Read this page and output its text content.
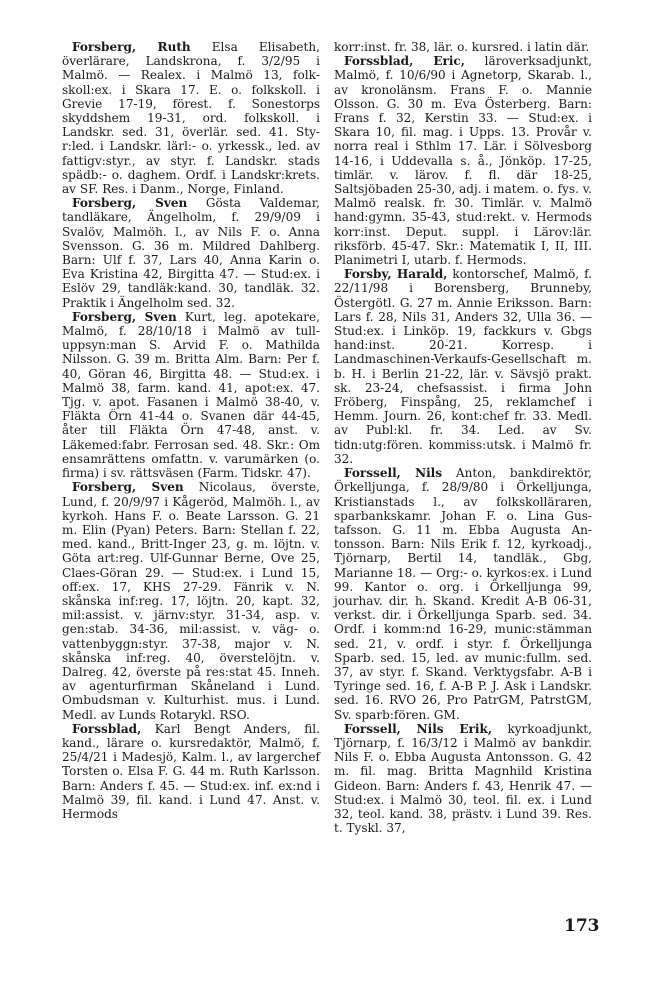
Forsberg, Ruth Elsa Elisabeth, överlärare, Landskrona, f. 3/2/95 i Malmö. — Realex. i Malmö 13, folkskoll:ex. i Skara 17. E. o. folkskoll. i Grevie 17-19, förest. f. Sonestorps skyddshem 19-31, ord. folkskoll. i Landskr. sed. 31, överlär. sed. 41. Styr:led. i Landskr. lärl:- o. yrkessk., led. av fattigv:styr., av styr. f. Landskr. stads spädb:- o. daghem. Ordf. i Landskr:krets. av SF. Res. i Danm., Norge, Finland.

Forsberg, Sven Gösta Valdemar, tandläkare, Ängelholm, f. 29/9/09 i Svalöv, Malmöh. l., av Nils F. o. Anna Svensson. G. 36 m. Mildred Dahlberg. Barn: Ulf f. 37, Lars 40, Anna Karin o. Eva Kristina 42, Birgitta 47. — Stud:ex. i Eslöv 29, tandläk:kand. 30, tandläk. 32. Praktik i Ängelholm sed. 32.

Forsberg, Sven Kurt, leg. apotekare, Malmö, f. 28/10/18 i Malmö av tulluppsyn:man S. Arvid F. o. Mathilda Nilsson. G. 39 m. Britta Alm. Barn: Per f. 40, Göran 46, Birgitta 48. — Stud:ex. i Malmö 38, farm. kand. 41, apot:ex. 47. Tjg. v. apot. Fasanen i Malmö 38-40, v. Fläkta Örn 41-44 o. Svanen där 44-45, åter till Fläkta Örn 47-48, anst. v. Läkemed:fabr. Ferrosan sed. 48. Skr.: Om ensamrättens omfattn. v. varumärken (o. firma) i sv. rättsväsen (Farm. Tidskr. 47).

Forsberg, Sven Nicolaus, överste, Lund, f. 20/9/97 i Kågeröd, Malmöh. l., av kyrkoh. Hans F. o. Beate Larsson. G. 21 m. Elin (Pyan) Peters. Barn: Stellan f. 22, med. kand., Britt-Inger 23, g. m. löjtn. v. Göta art:reg. Ulf-Gunnar Berne, Ove 25, Claes-Göran 29. — Stud:ex. i Lund 15, off:ex. 17, KHS 27-29. Fänrik v. N. skånska inf:reg. 17, löjtn. 20, kapt. 32, mil:assist. v. järnv:styr. 31-34, asp. v. gen:stab. 34-36, mil:assist. v. väg- o. vattenbyggn:styr. 37-38, major v. N. skånska inf:reg. 40, överstelöjtn. v. Dalreg. 42, överste på res:stat 45. Inneh. av agenturfirman Skåneland i Lund. Ombudsman v. Kulturhist. mus. i Lund. Medl. av Lunds Rotarykl. RSO.

Forssblad, Karl Bengt Anders, fil. kand., lärare o. kursredaktör, Malmö, f. 25/4/21 i Madesjö, Kalm. l., av largerchef Torsten o. Elsa F. G. 44 m. Ruth Karlsson. Barn: Anders f. 45. — Stud:ex. inf. ex:nd i Malmö 39, fil. kand. i Lund 47. Anst. v. Hermods

korr:inst. fr. 38, lär. o. kursred. i latin där.

Forssblad, Eric, läroverksadjunkt, Malmö, f. 10/6/90 i Agnetorp, Skarab. l., av kronolänsm. Frans F. o. Mannie Olsson. G. 30 m. Eva Österberg. Barn: Frans f. 32, Kerstin 33. — Stud:ex. i Skara 10, fil. mag. i Upps. 13. Provår v. norra real i Sthlm 17. Lär. i Sölvesborg 14-16, i Uddevalla s. å., Jönköp. 17-25, timlär. v. lärov. f. fl. där 18-25, Saltsjöbaden 25-30, adj. i matem. o. fys. v. Malmö realsk. fr. 30. Timlär. v. Malmö hand:gymn. 35-43, stud:rekt. v. Hermods korr:inst. Deput. suppl. i Lärov:lär. riksförb. 45-47. Skr.: Matematik I, II, III. Planimetri I, utarb. f. Hermods.

Forsby, Harald, kontorschef, Malmö, f. 22/11/98 i Borensberg, Brunneby, Östergötl. G. 27 m. Annie Eriksson. Barn: Lars f. 28, Nils 31, Anders 32, Ulla 36. — Stud:ex. i Linköp. 19, fackkurs v. Gbgs hand:inst. 20-21. Korresp. i Landmaschinen-Verkaufs-Gesellschaft m. b. H. i Berlin 21-22, lär. v. Sävsjö prakt. sk. 23-24, chefsassist. i firma John Fröberg, Finspång, 25, reklamchef i Hemm. Journ. 26, kont:chef fr. 33. Medl. av Publ:kl. fr. 34. Led. av Sv. tidn:utg:fören. kommiss:utsk. i Malmö fr. 32.

Forssell, Nils Anton, bankdirektör, Örkelljunga, f. 28/9/80 i Örkelljunga, Kristianstads l., av folkskolläraren, sparbankskamr. Johan F. o. Lina Gustafsson. G. 11 m. Ebba Augusta Antonsson. Barn: Nils Erik f. 12, kyrkoadj., Tjörnarp, Bertil 14, tandläk., Gbg, Marianne 18. — Org:- o. kyrkos:ex. i Lund 99. Kantor o. org. i Örkelljunga 99, jourhav. dir. h. Skand. Kredit A-B 06-31, verkst. dir. i Örkelljunga Sparb. sed. 34. Ordf. i komm:nd 16-29, munic:stämman sed. 21, v. ordf. i styr. f. Örkelljunga Sparb. sed. 15, led. av munic:fullm. sed. 37, av styr. f. Skand. Verktygsfabr. A-B i Tyringe sed. 16, f. A-B P. J. Ask i Landskr. sed. 16. RVO 26, Pro PatrGM, PatrstGM, Sv. sparb:fören. GM.

Forssell, Nils Erik, kyrkoadjunkt, Tjörnarp, f. 16/3/12 i Malmö av bankdir. Nils F. o. Ebba Augusta Antonsson. G. 42 m. fil. mag. Britta Magnhild Kristina Gideon. Barn: Anders f. 43, Henrik 47. — Stud:ex. i Malmö 30, teol. fil. ex. i Lund 32, teol. kand. 38, prästv. i Lund 39. Res. t. Tyskl. 37,

173
